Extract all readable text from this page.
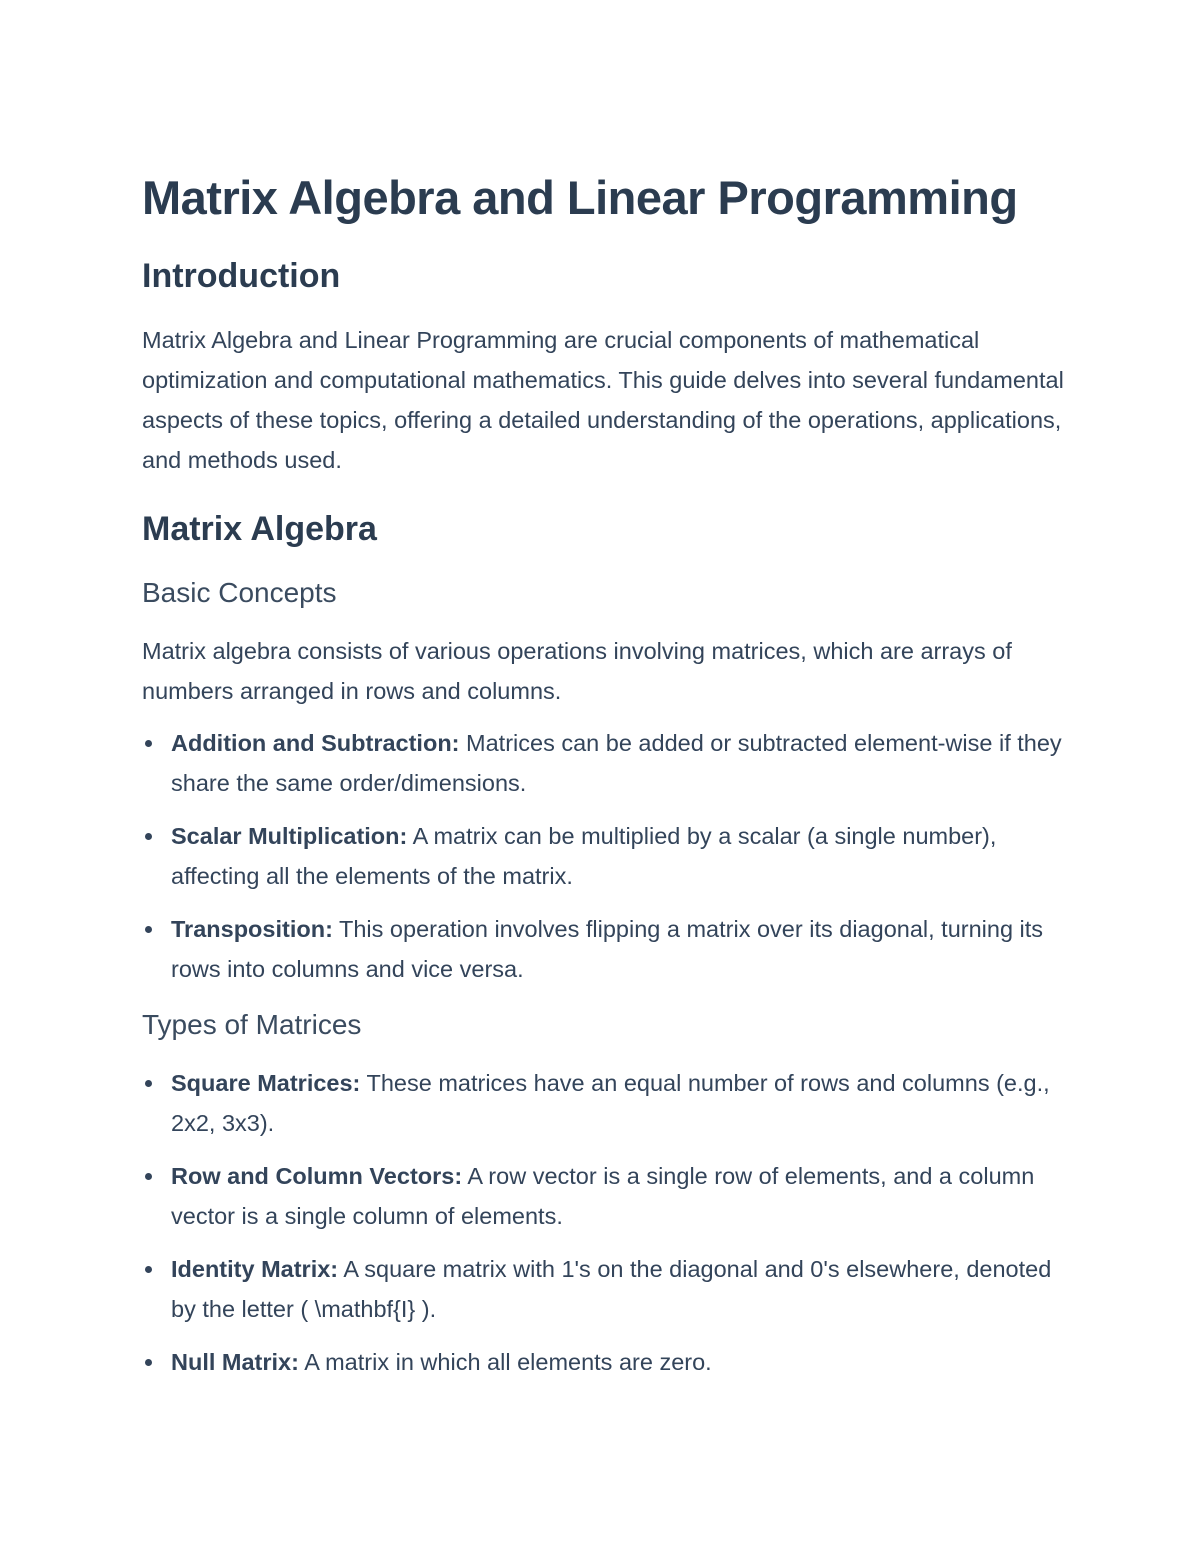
Matrix Algebra and Linear Programming
Introduction

Matrix Algebra and Linear Programming are crucial components of mathematical optimization and computational mathematics. This guide delves into several fundamental aspects of these topics, offering a detailed understanding of the operations, applications, and methods used.

Matrix Algebra
Basic Concepts

Matrix algebra consists of various operations involving matrices, which are arrays of numbers arranged in rows and columns.

Addition and Subtraction: Matrices can be added or subtracted element-wise if they share the same order/dimensions.
Scalar Multiplication: A matrix can be multiplied by a scalar (a single number), affecting all the elements of the matrix.
Transposition: This operation involves flipping a matrix over its diagonal, turning its rows into columns and vice versa.
Types of Matrices
Square Matrices: These matrices have an equal number of rows and columns (e.g., 2x2, 3x3).
Row and Column Vectors: A row vector is a single row of elements, and a column vector is a single column of elements.
Identity Matrix: A square matrix with 1's on the diagonal and 0's elsewhere, denoted by the letter ( \mathbf{I} ).
Null Matrix: A matrix in which all elements are zero.
